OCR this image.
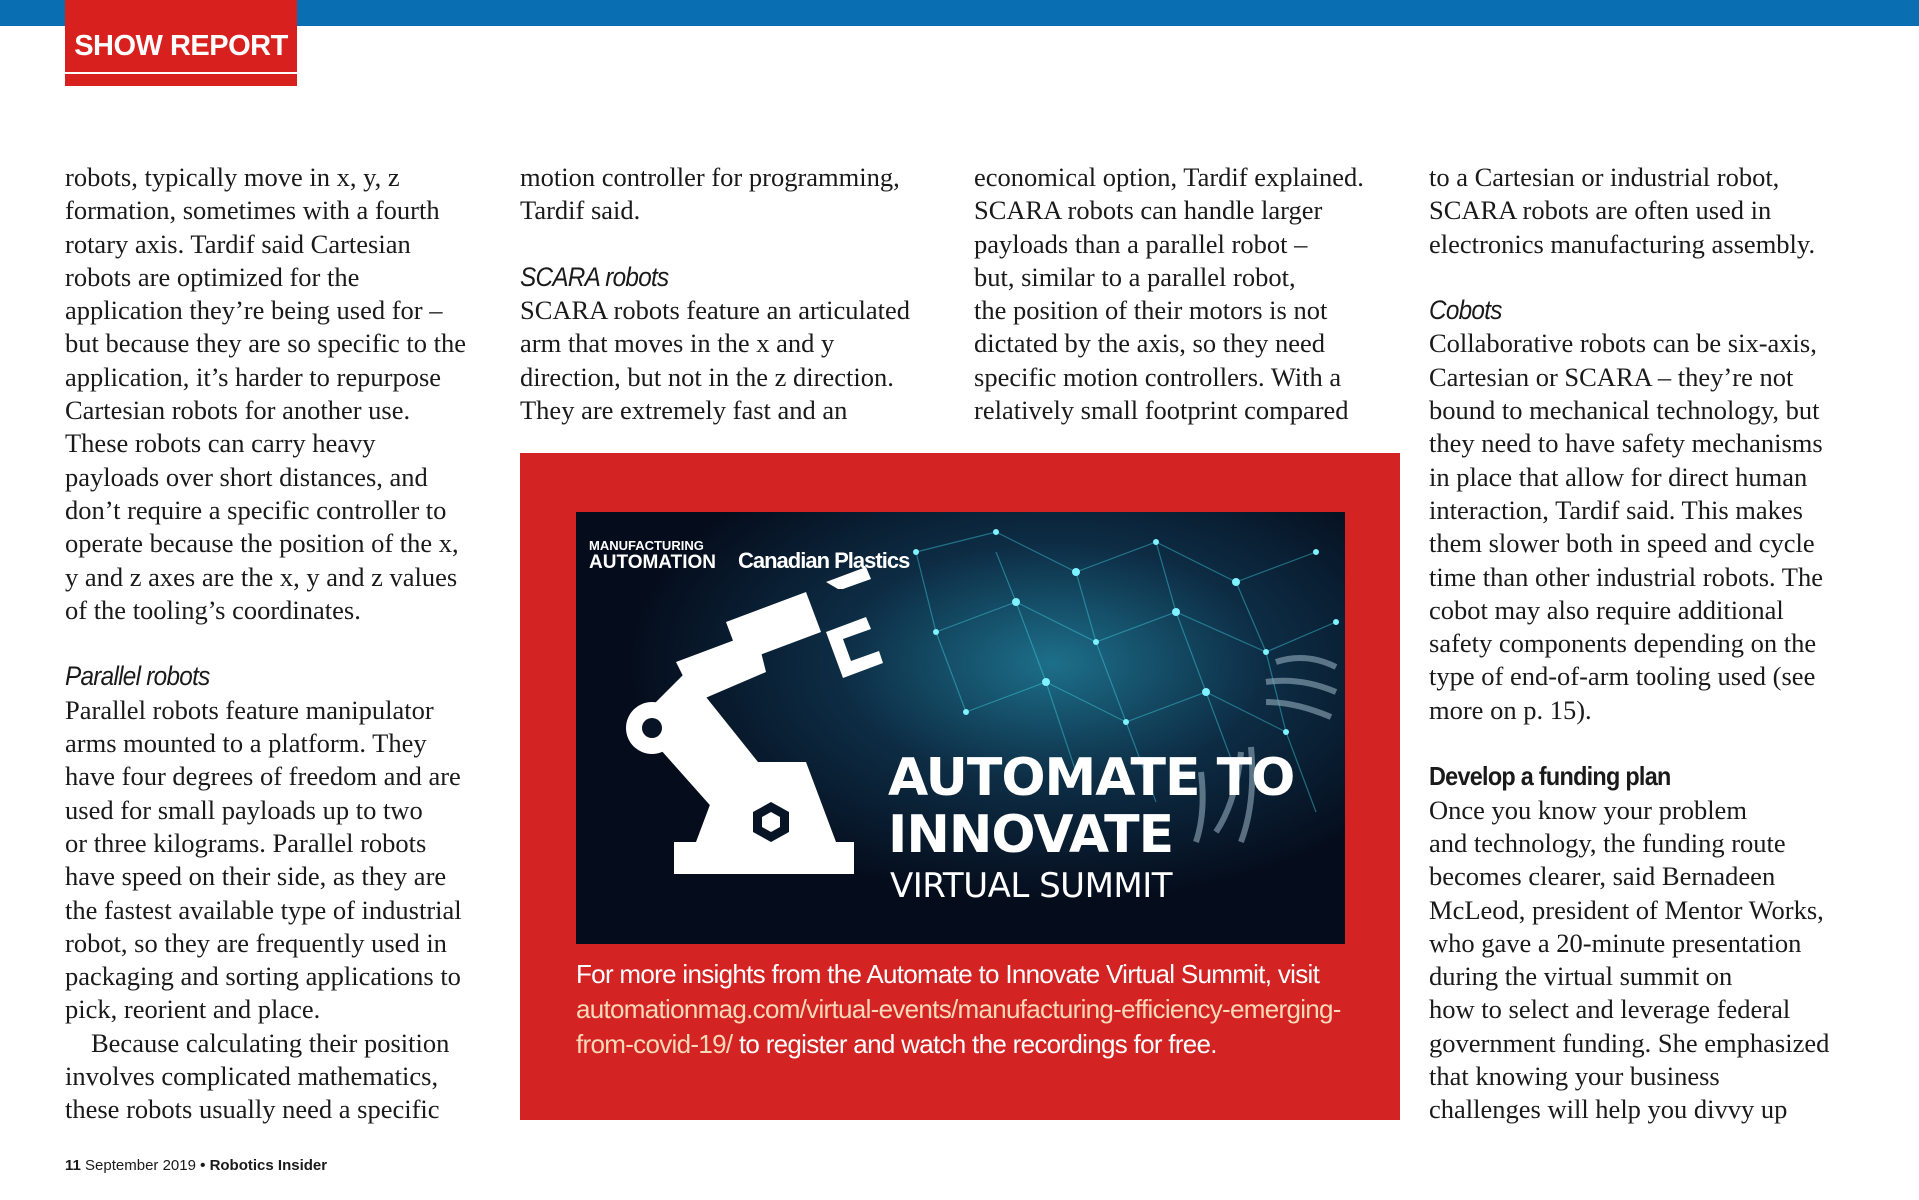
SHOW REPORT

robots, typically move in x, y, z
formation, sometimes with a fourth
rotary axis. Tardif said Cartesian
robots are optimized for the
application they’re being used for –
but because they are so specific to the
application, it’s harder to repurpose
Cartesian robots for another use.
These robots can carry heavy
payloads over short distances, and
don’t require a specific controller to
operate because the position of the x,
y and z axes are the x, y and z values
of the tooling’s coordinates.

Parallel robots

Parallel robots feature manipulator
arms mounted to a platform. They
have four degrees of freedom and are
used for small payloads up to two
or three kilograms. Parallel robots
have speed on their side, as they are
the fastest available type of industrial
robot, so they are frequently used in
packaging and sorting applications to
pick, reorient and place.

Because calculating their position
involves complicated mathematics,
these robots usually need a specific

motion controller for programming,
Tardif said.

SCARA robots

SCARA robots feature an articulated
arm that moves in the x and y
direction, but not in the z direction.
They are extremely fast and an

economical option, Tardif explained.
SCARA robots can handle larger
payloads than a parallel robot –
but, similar to a parallel robot,
the position of their motors is not
dictated by the axis, so they need
specific motion controllers. With a
relatively small footprint compared

to a Cartesian or industrial robot,
SCARA robots are often used in
electronics manufacturing assembly.

Cobots

Collaborative robots can be six-axis,
Cartesian or SCARA – they’re not
bound to mechanical technology, but
they need to have safety mechanisms
in place that allow for direct human
interaction, Tardif said. This makes
them slower both in speed and cycle
time than other industrial robots. The
cobot may also require additional
safety components depending on the
type of end-of-arm tooling used (see
more on p. 15).

Develop a funding plan

Once you know your problem
and technology, the funding route
becomes clearer, said Bernadeen
McLeod, president of Mentor Works,
who gave a 20-minute presentation
during the virtual summit on
how to select and leverage federal
government funding. She emphasized
that knowing your business
challenges will help you divvy up

MANUFACTURING
AUTOMATION Canadian Plastics
AUTOMATE TO
INNOVATE
VIRTUAL SUMMIT
For more insights from the Automate to Innovate Virtual Summit, visit
automationmag.com/virtual-events/manufacturing-efficiency-emerging-
from-covid-19/ to register and watch the recordings for free.
11 September 2019 • Robotics Insider
